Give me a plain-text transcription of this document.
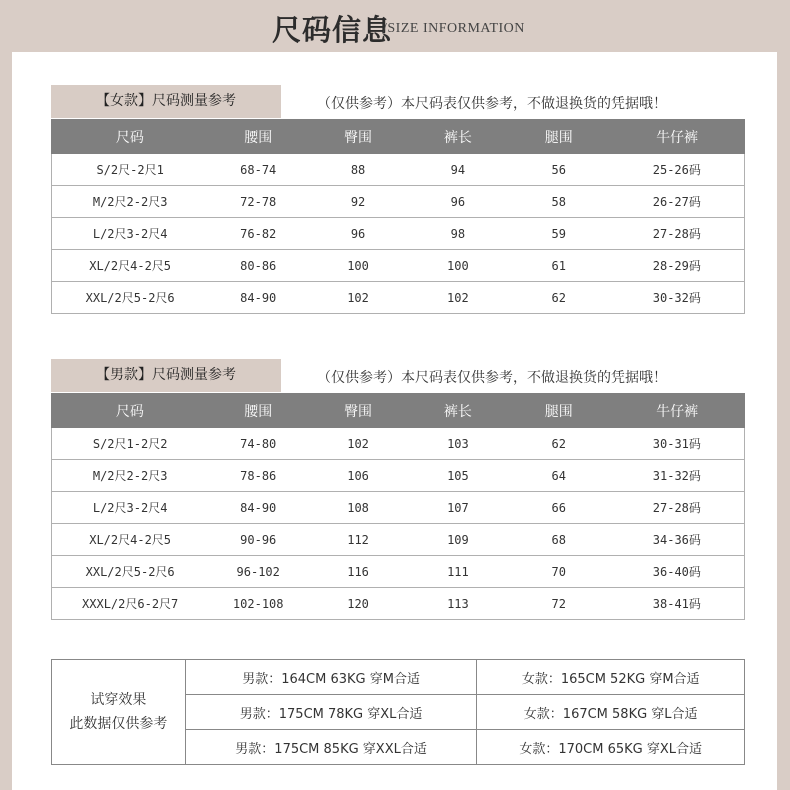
尺码信息
/SIZE INFORMATION
【女款】尺码测量参考	（仅供参考）本尺码表仅供参考，不做退换货的凭据哦！
尺码	腰围	臀围	裤长	腿围	牛仔裤
S/2尺-2尺1	68-74	88	94	56	25-26码
M/2尺2-2尺3	72-78	92	96	58	26-27码
L/2尺3-2尺4	76-82	96	98	59	27-28码
XL/2尺4-2尺5	80-86	100	100	61	28-29码
XXL/2尺5-2尺6	84-90	102	102	62	30-32码
【男款】尺码测量参考	（仅供参考）本尺码表仅供参考，不做退换货的凭据哦！
尺码	腰围	臀围	裤长	腿围	牛仔裤
S/2尺1-2尺2	74-80	102	103	62	30-31码
M/2尺2-2尺3	78-86	106	105	64	31-32码
L/2尺3-2尺4	84-90	108	107	66	27-28码
XL/2尺4-2尺5	90-96	112	109	68	34-36码
XXL/2尺5-2尺6	96-102	116	111	70	36-40码
XXXL/2尺6-2尺7	102-108	120	113	72	38-41码
试穿效果
此数据仅供参考	男款：164CM 63KG 穿M合适	女款：165CM 52KG 穿M合适
	男款：175CM 78KG 穿XL合适	女款：167CM 58KG 穿L合适
	男款：175CM 85KG 穿XXL合适	女款：170CM 65KG 穿XL合适
